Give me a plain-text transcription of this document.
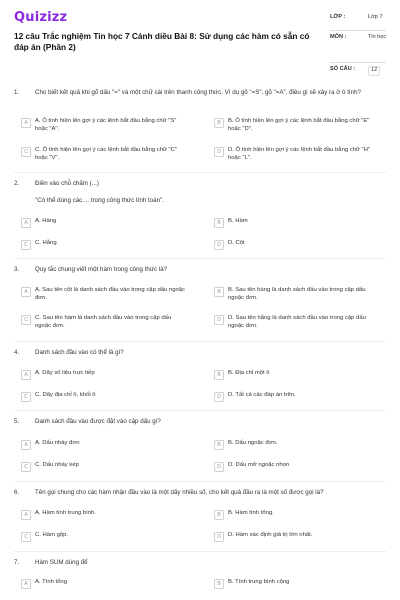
Quizizz
12 câu Trắc nghiệm Tin học 7 Cánh diều Bài 8: Sử dụng các hàm có sẵn có đáp án (Phần 2)
LỚP :	Lớp 7
MÔN :	Tin học
SỐ CÂU :	12
1.	Cho biết kết quả khi gõ dấu "=" và một chữ cái trên thanh công thức. Ví dụ gõ "=S", gõ "=A", điều gì sẽ xảy ra ở ô tính?
A	A. Ô tính hiện lên gợi ý các lệnh bắt đầu bằng chữ "S" hoặc "A".
B	B. Ô tính hiện lên gợi ý các lệnh bắt đầu bằng chữ "E" hoặc "D".
C	C. Ô tính hiện lên gợi ý các lệnh bắt đầu bằng chữ "C" hoặc "V".
D	D. Ô tính hiện lên gợi ý các lệnh bắt đầu bằng chữ "H" hoặc "L".
2.	Điền vào chỗ chấm (...)
"Có thể dùng các ... trong công thức tính toán".
A	A. Hàng	B	B. Hàm
C	C. Hằng	D	D. Cột
3.	Quy tắc chung viết một hàm trong công thức là?
A	A. Sau tên cột là danh sách đầu vào trong cặp dấu ngoặc đơn.
B	B. Sau tên hàng là danh sách đầu vào trong cặp dấu ngoặc đơn.
C	C. Sau tên hàm là danh sách đầu vào trong cặp dấu ngoặc đơn.
D	D. Sau tên hằng là danh sách đầu vào trong cặp dấu ngoặc đơn.
4.	Danh sách đầu vào có thể là gì?
A	A. Dãy số liệu trực tiếp	B	B. Địa chỉ một ô
C	C. Dãy địa chỉ ô, khối ô	D	D. Tất cả các đáp án trên.
5.	Danh sách đầu vào được đặt vào cặp dấu gì?
A	A. Dấu nháy đơn	B	B. Dấu ngoặc đơn.
C	C. Dấu nháy kép	D	D. Dấu mở ngoặc nhọn
6.	Tên gọi chung cho các hàm nhận đầu vào là một dãy nhiều số, cho kết quả đầu ra là một số được gọi là?
A	A. Hàm tính trung bình.	B	B. Hàm tính tổng.
C	C. Hàm gộp.	D	D. Hàm xác định giá trị lớn nhất.
7.	Hàm SUM dùng để
A	A. Tính tổng	B	B. Tính trung bình cộng
